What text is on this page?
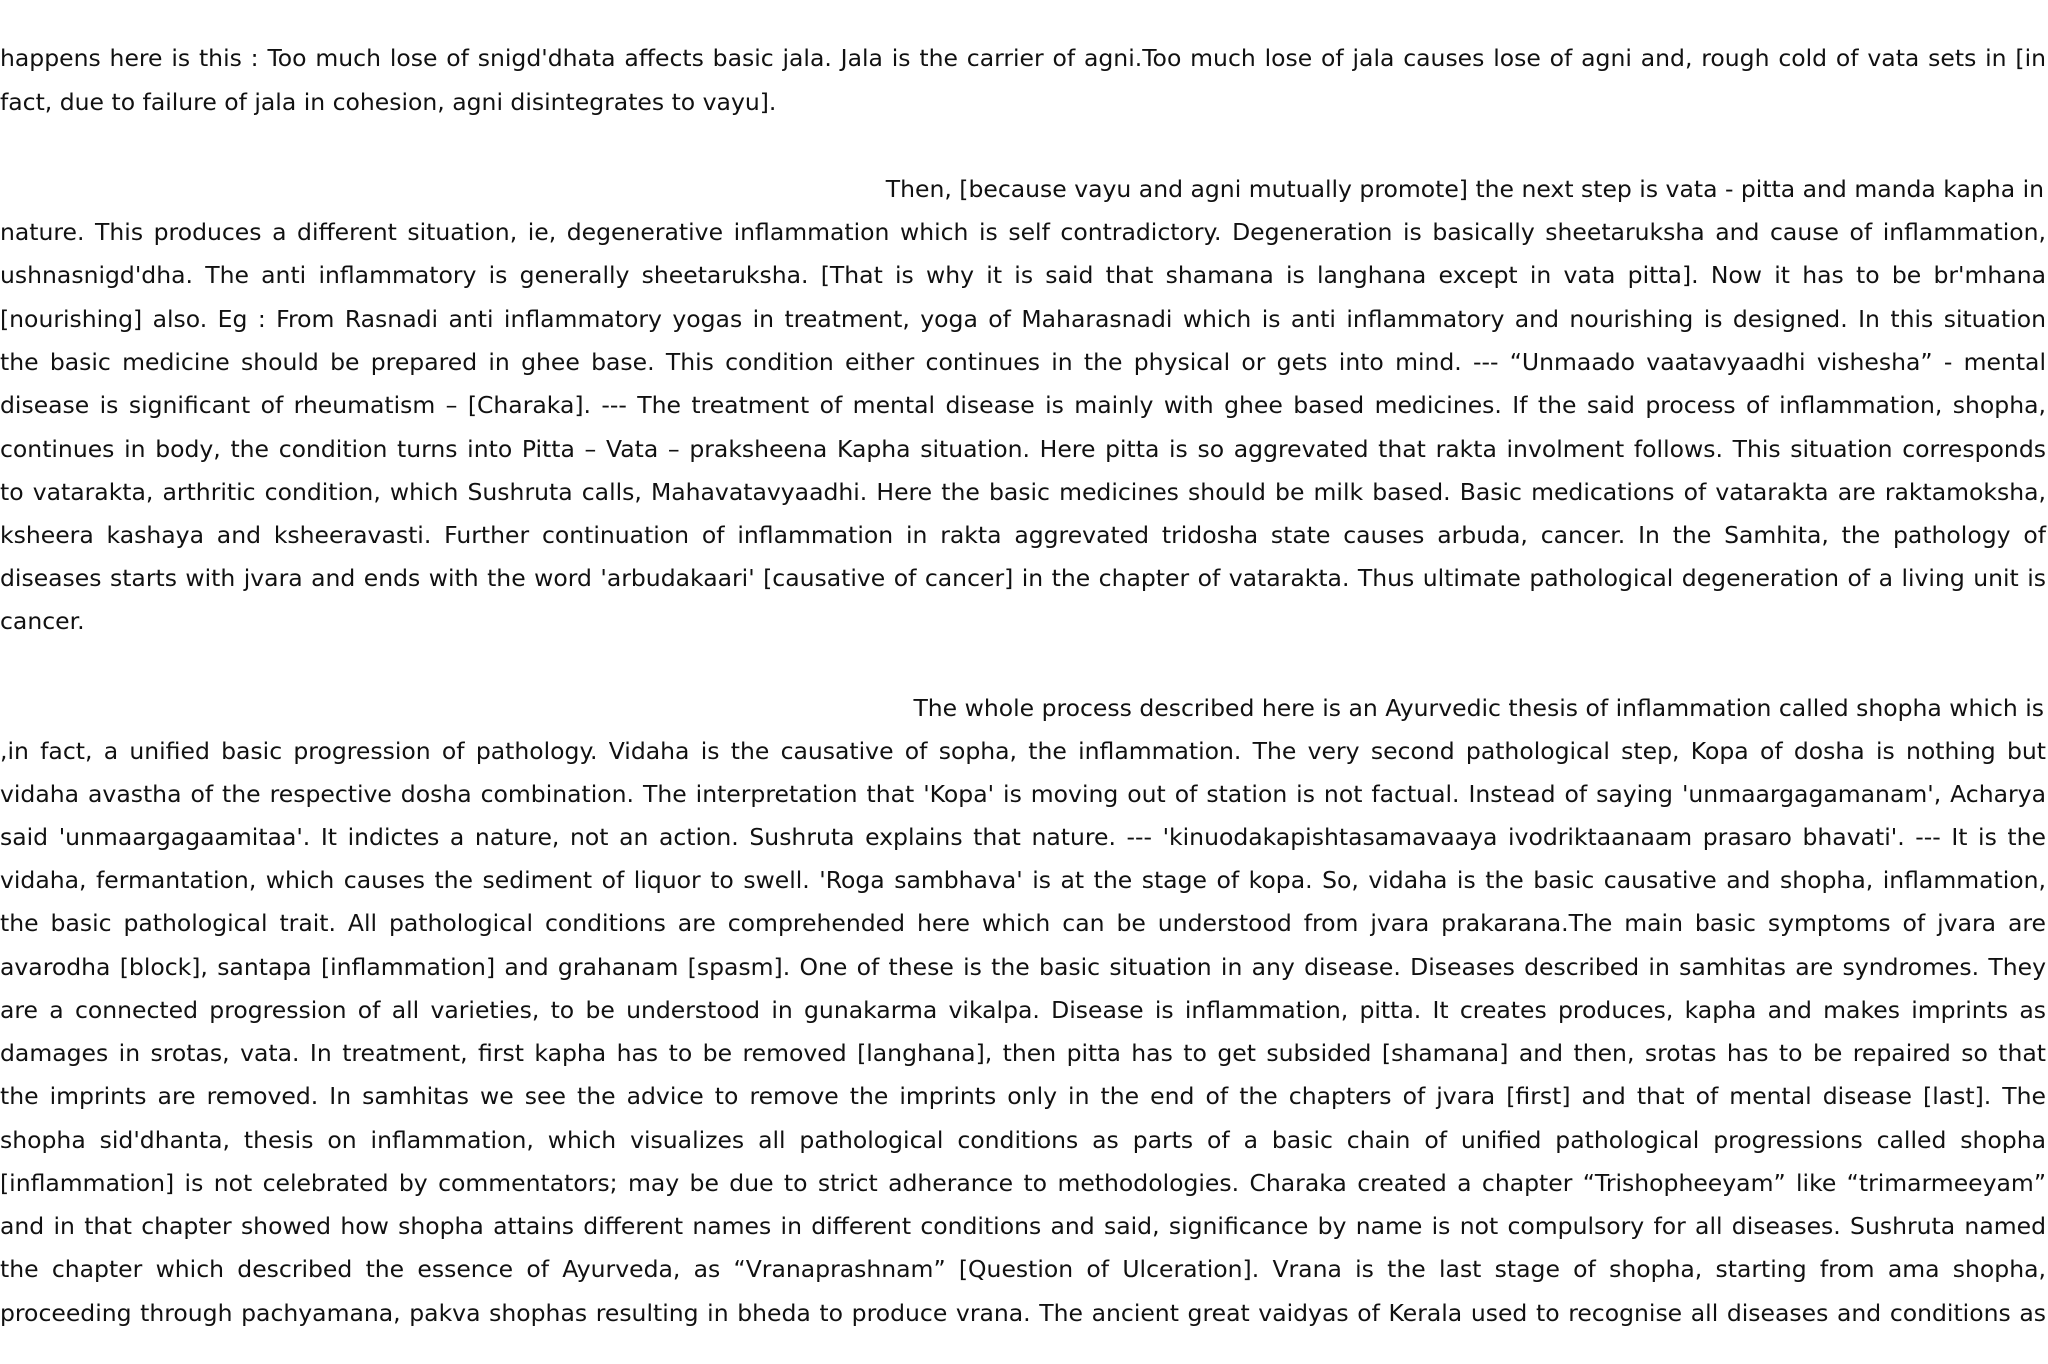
happens here is this : Too much lose of snigd'dhata affects basic jala. Jala is the carrier of agni.Too much lose of jala causes lose of agni and, rough cold of vata sets in [in
fact, due to failure of jala in cohesion, agni disintegrates to vayu].
Then, [because vayu and agni mutually promote] the next step is vata - pitta and manda kapha in
nature. This produces a different situation, ie, degenerative inflammation which is self contradictory. Degeneration is basically sheetaruksha and cause of inflammation,
ushnasnigd'dha. The anti inflammatory is generally sheetaruksha. [That is why it is said that shamana is langhana except in vata pitta]. Now it has to be br'mhana
[nourishing] also. Eg : From Rasnadi anti inflammatory yogas in treatment, yoga of Maharasnadi which is anti inflammatory and nourishing is designed. In this situation
the basic medicine should be prepared in ghee base. This condition either continues in the physical or gets into mind. --- “Unmaado vaatavyaadhi vishesha” - mental
disease is significant of rheumatism – [Charaka]. --- The treatment of mental disease is mainly with ghee based medicines. If the said process of inflammation, shopha,
continues in body, the condition turns into Pitta – Vata – praksheena Kapha situation. Here pitta is so aggrevated that rakta involment follows. This situation corresponds
to vatarakta, arthritic condition, which Sushruta calls, Mahavatavyaadhi. Here the basic medicines should be milk based. Basic medications of vatarakta are raktamoksha,
ksheera kashaya and ksheeravasti. Further continuation of inflammation in rakta aggrevated tridosha state causes arbuda, cancer. In the Samhita, the pathology of
diseases starts with jvara and ends with the word 'arbudakaari' [causative of cancer] in the chapter of vatarakta. Thus ultimate pathological degeneration of a living unit is
cancer.
The whole process described here is an Ayurvedic thesis of inflammation called shopha which is
,in fact, a unified basic progression of pathology. Vidaha is the causative of sopha, the inflammation. The very second pathological step, Kopa of dosha is nothing but
vidaha avastha of the respective dosha combination. The interpretation that 'Kopa' is moving out of station is not factual. Instead of saying 'unmaargagamanam', Acharya
said 'unmaargagaamitaa'. It indictes a nature, not an action. Sushruta explains that nature. --- 'kinuodakapishtasamavaaya ivodriktaanaam prasaro bhavati'. --- It is the
vidaha, fermantation, which causes the sediment of liquor to swell. 'Roga sambhava' is at the stage of kopa. So, vidaha is the basic causative and shopha, inflammation,
the basic pathological trait. All pathological conditions are comprehended here which can be understood from jvara prakarana.The main basic symptoms of jvara are
avarodha [block], santapa [inflammation] and grahanam [spasm]. One of these is the basic situation in any disease. Diseases described in samhitas are syndromes. They
are a connected progression of all varieties, to be understood in gunakarma vikalpa. Disease is inflammation, pitta. It creates produces, kapha and makes imprints as
damages in srotas, vata. In treatment, first kapha has to be removed [langhana], then pitta has to get subsided [shamana] and then, srotas has to be repaired so that
the imprints are removed. In samhitas we see the advice to remove the imprints only in the end of the chapters of jvara [first] and that of mental disease [last]. The
shopha sid'dhanta, thesis on inflammation, which visualizes all pathological conditions as parts of a basic chain of unified pathological progressions called shopha
[inflammation] is not celebrated by commentators; may be due to strict adherance to methodologies. Charaka created a chapter “Trishopheeyam” like “trimarmeeyam”
and in that chapter showed how shopha attains different names in different conditions and said, significance by name is not compulsory for all diseases. Sushruta named
the chapter which described the essence of Ayurveda, as “Vranaprashnam” [Question of Ulceration]. Vrana is the last stage of shopha, starting from ama shopha,
proceeding through pachyamana, pakva shophas resulting in bheda to produce vrana. The ancient great vaidyas of Kerala used to recognise all diseases and conditions as
